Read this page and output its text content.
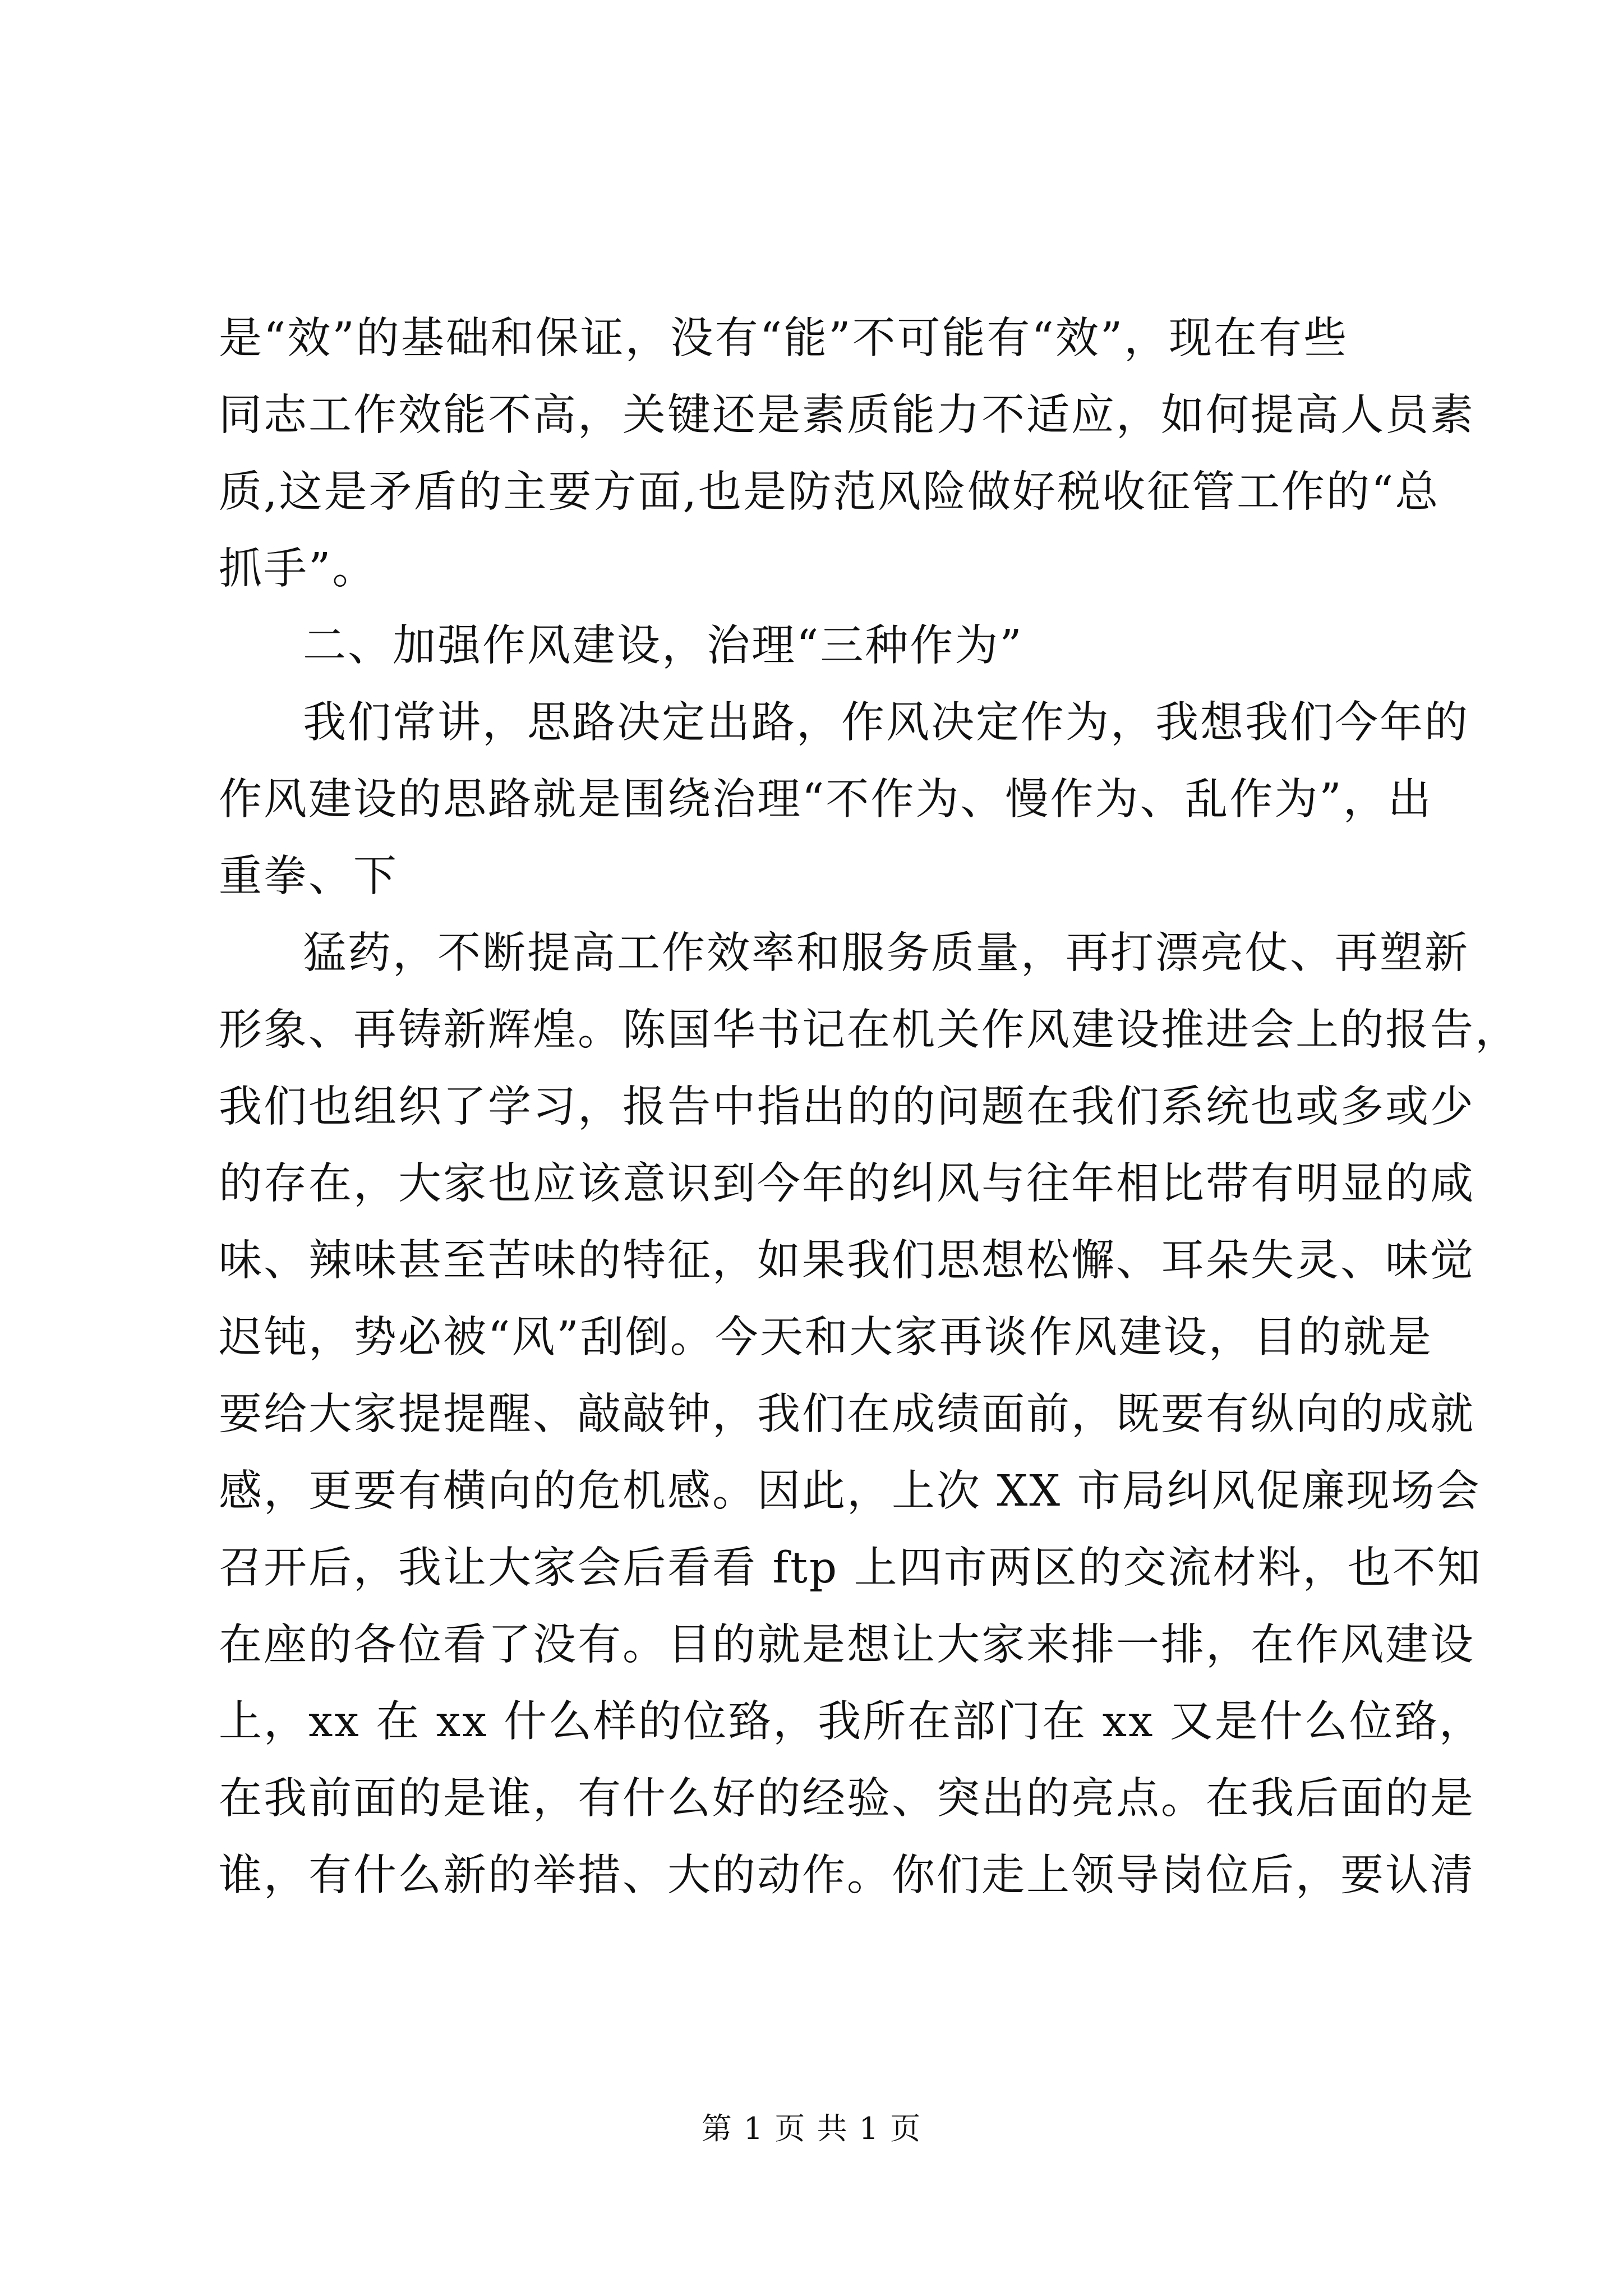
是“效”的基础和保证，没有“能”不可能有“效”，现在有些
同志工作效能不高，关键还是素质能力不适应，如何提高人员素
质,这是矛盾的主要方面,也是防范风险做好税收征管工作的“总
抓手”。
二、加强作风建设，治理“三种作为”
我们常讲，思路决定出路，作风决定作为，我想我们今年的
作风建设的思路就是围绕治理“不作为、慢作为、乱作为”，出
重拳、下
猛药，不断提高工作效率和服务质量，再打漂亮仗、再塑新
形象、再铸新辉煌。陈国华书记在机关作风建设推进会上的报告，
我们也组织了学习，报告中指出的的问题在我们系统也或多或少
的存在，大家也应该意识到今年的纠风与往年相比带有明显的咸
味、辣味甚至苦味的特征，如果我们思想松懈、耳朵失灵、味觉
迟钝，势必被“风”刮倒。今天和大家再谈作风建设，目的就是
要给大家提提醒、敲敲钟，我们在成绩面前，既要有纵向的成就
感，更要有横向的危机感。因此，上次 XX 市局纠风促廉现场会
召开后，我让大家会后看看 ftp 上四市两区的交流材料，也不知
在座的各位看了没有。目的就是想让大家来排一排，在作风建设
上，xx 在 xx 什么样的位臵，我所在部门在 xx 又是什么位臵，
在我前面的是谁，有什么好的经验、突出的亮点。在我后面的是
谁，有什么新的举措、大的动作。你们走上领导岗位后，要认清
第 1 页 共 1 页
